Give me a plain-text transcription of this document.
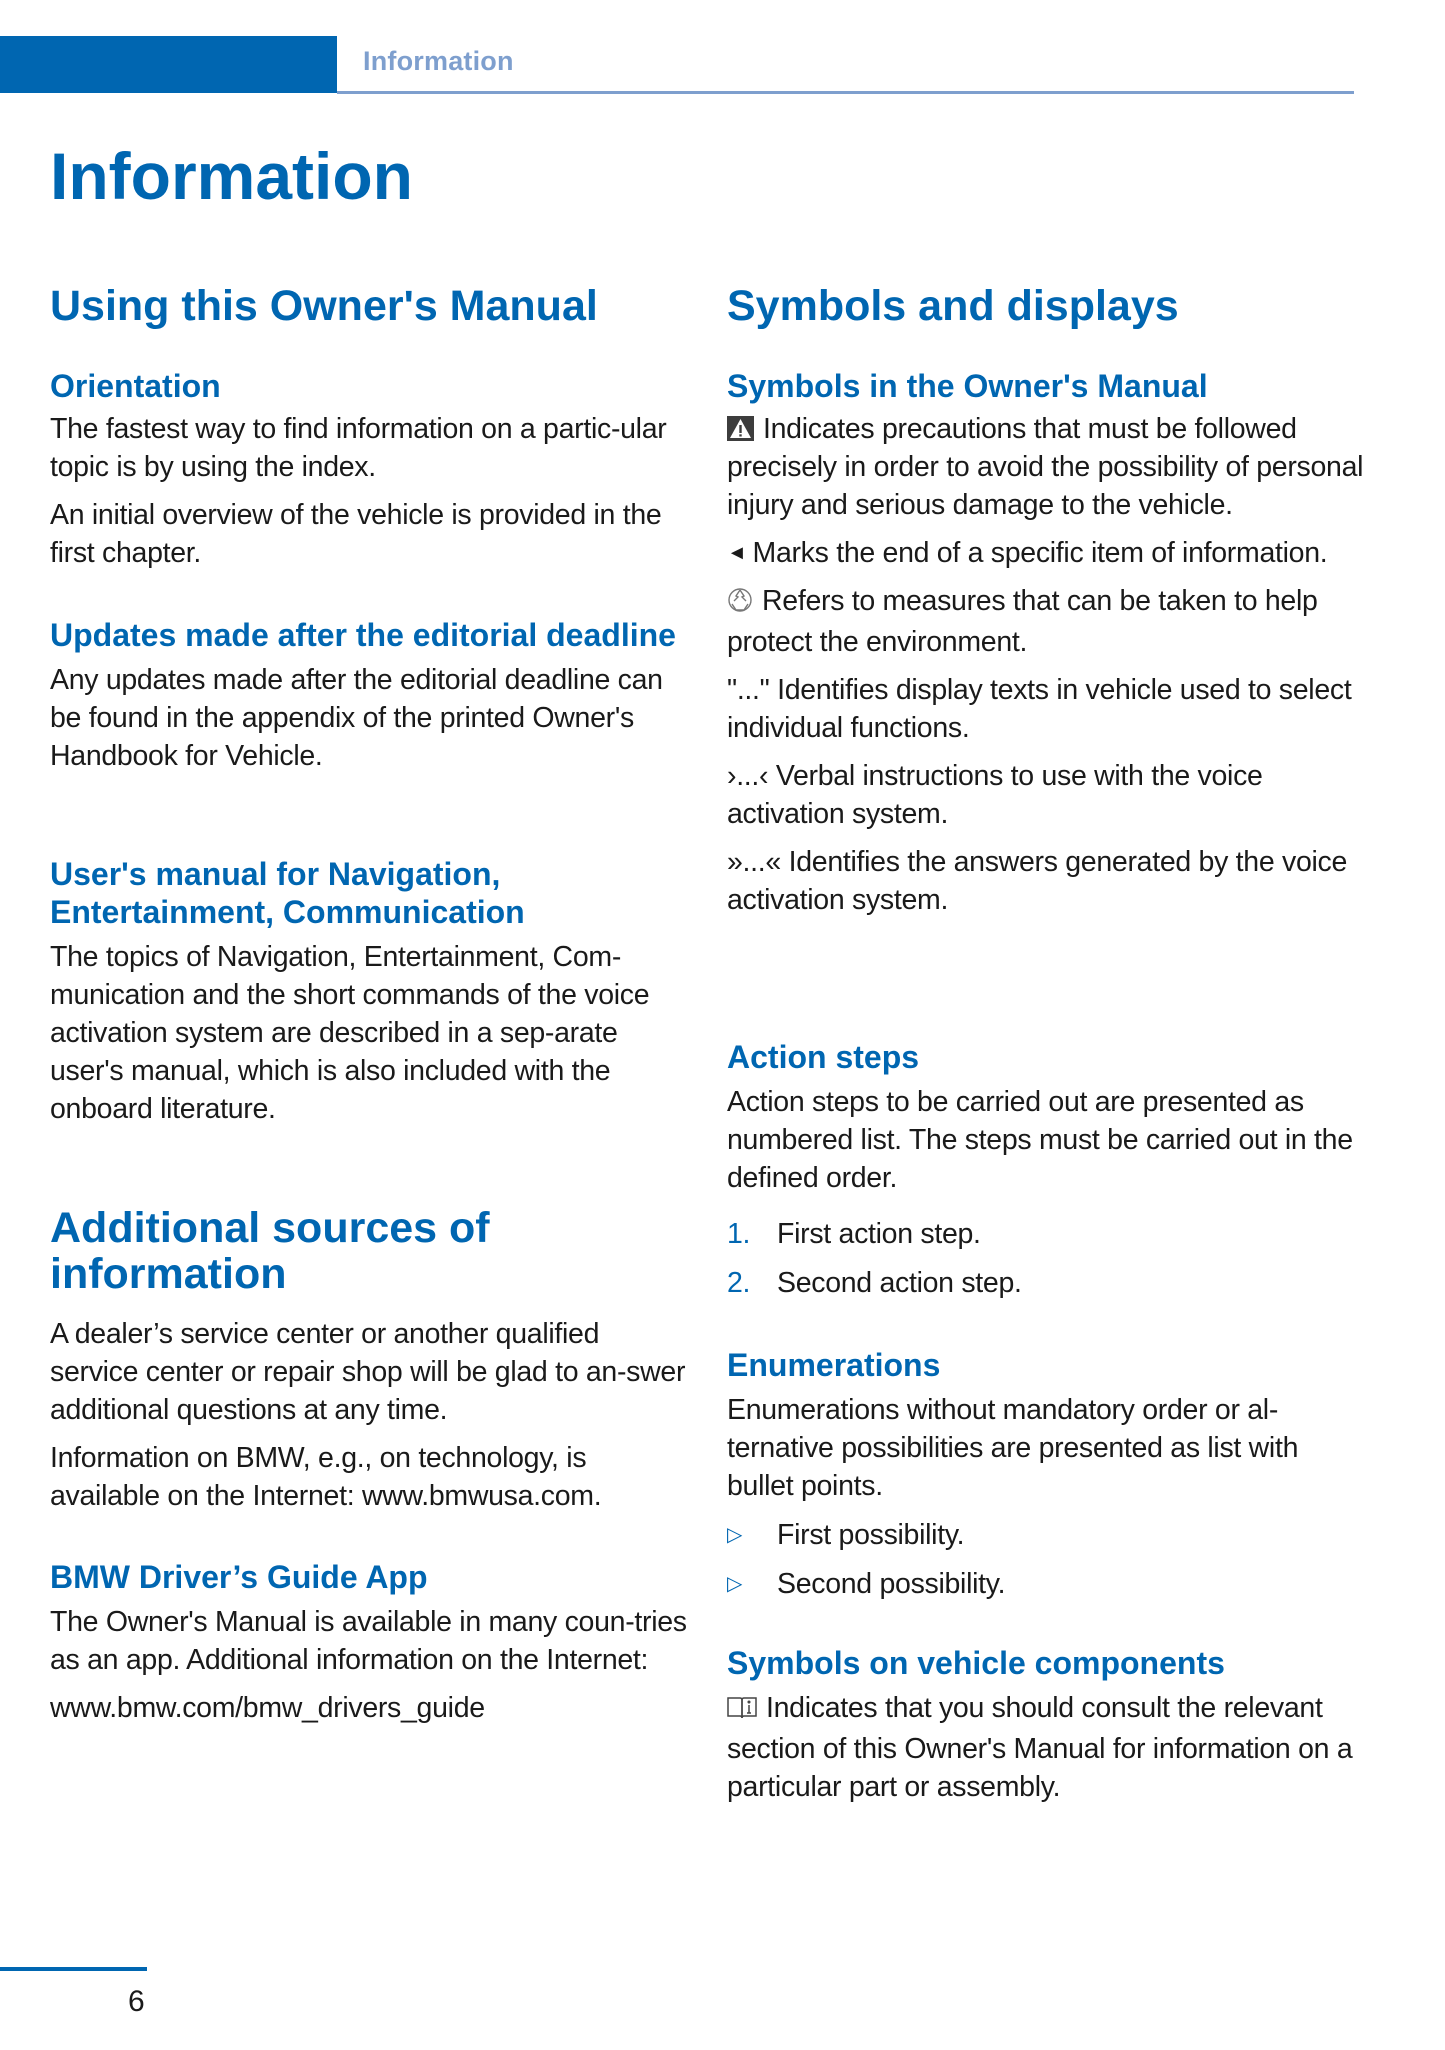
Information
Information
Using this Owner's Manual
Orientation

The fastest way to find information on a partic-ular topic is by using the index.

An initial overview of the vehicle is provided in the first chapter.

Updates made after the editorial deadline

Any updates made after the editorial deadline can be found in the appendix of the printed Owner's Handbook for Vehicle.

User's manual for Navigation, Entertainment, Communication

The topics of Navigation, Entertainment, Com-munication and the short commands of the voice activation system are described in a sep-arate user's manual, which is also included with the onboard literature.

Additional sources of information

A dealer’s service center or another qualified service center or repair shop will be glad to an-swer additional questions at any time.

Information on BMW, e.g., on technology, is available on the Internet: www.bmwusa.com.

BMW Driver’s Guide App

The Owner's Manual is available in many coun-tries as an app. Additional information on the Internet:

www.bmw.com/bmw_drivers_guide

Symbols and displays
Symbols in the Owner's Manual

Indicates precautions that must be followed precisely in order to avoid the possibility of personal injury and serious damage to the vehicle.

◄ Marks the end of a specific item of information.

Refers to measures that can be taken to help protect the environment.

"..." Identifies display texts in vehicle used to select individual functions.

›...‹ Verbal instructions to use with the voice activation system.

»...« Identifies the answers generated by the voice activation system.

Action steps

Action steps to be carried out are presented as numbered list. The steps must be carried out in the defined order.

1. First action step.
2. Second action step.
Enumerations

Enumerations without mandatory order or al-ternative possibilities are presented as list with bullet points.

▷	First possibility.
▷	Second possibility.
Symbols on vehicle components

Indicates that you should consult the relevant section of this Owner's Manual for information on a particular part or assembly.

6
